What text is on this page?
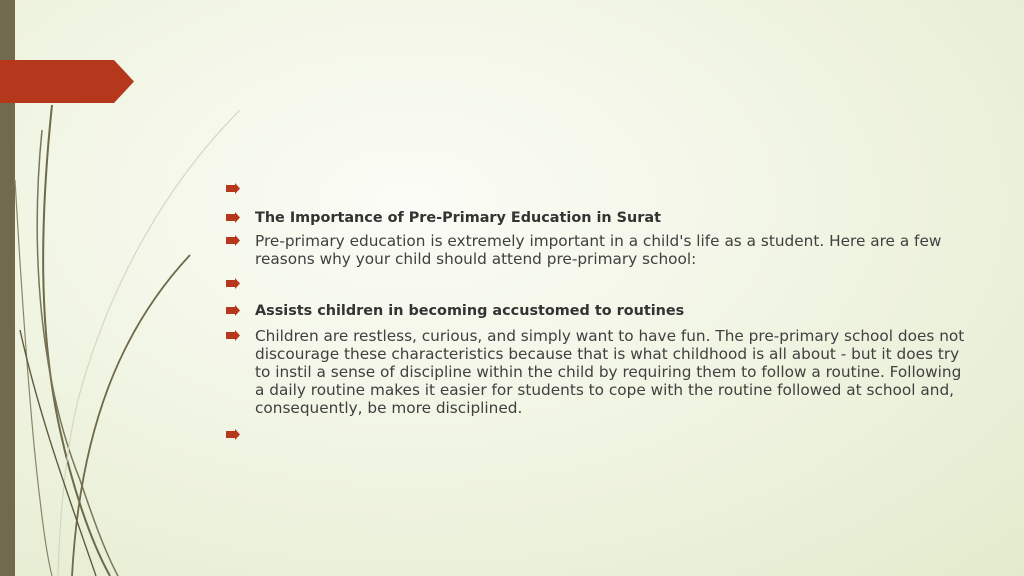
The Importance of Pre-Primary Education in Surat
Pre-primary education is extremely important in a child's life as a student. Here are a few reasons why your child should attend pre-primary school:
Assists children in becoming accustomed to routines
Children are restless, curious, and simply want to have fun. The pre-primary school does not discourage these characteristics because that is what childhood is all about - but it does try to instil a sense of discipline within the child by requiring them to follow a routine. Following a daily routine makes it easier for students to cope with the routine followed at school and, consequently, be more disciplined.
